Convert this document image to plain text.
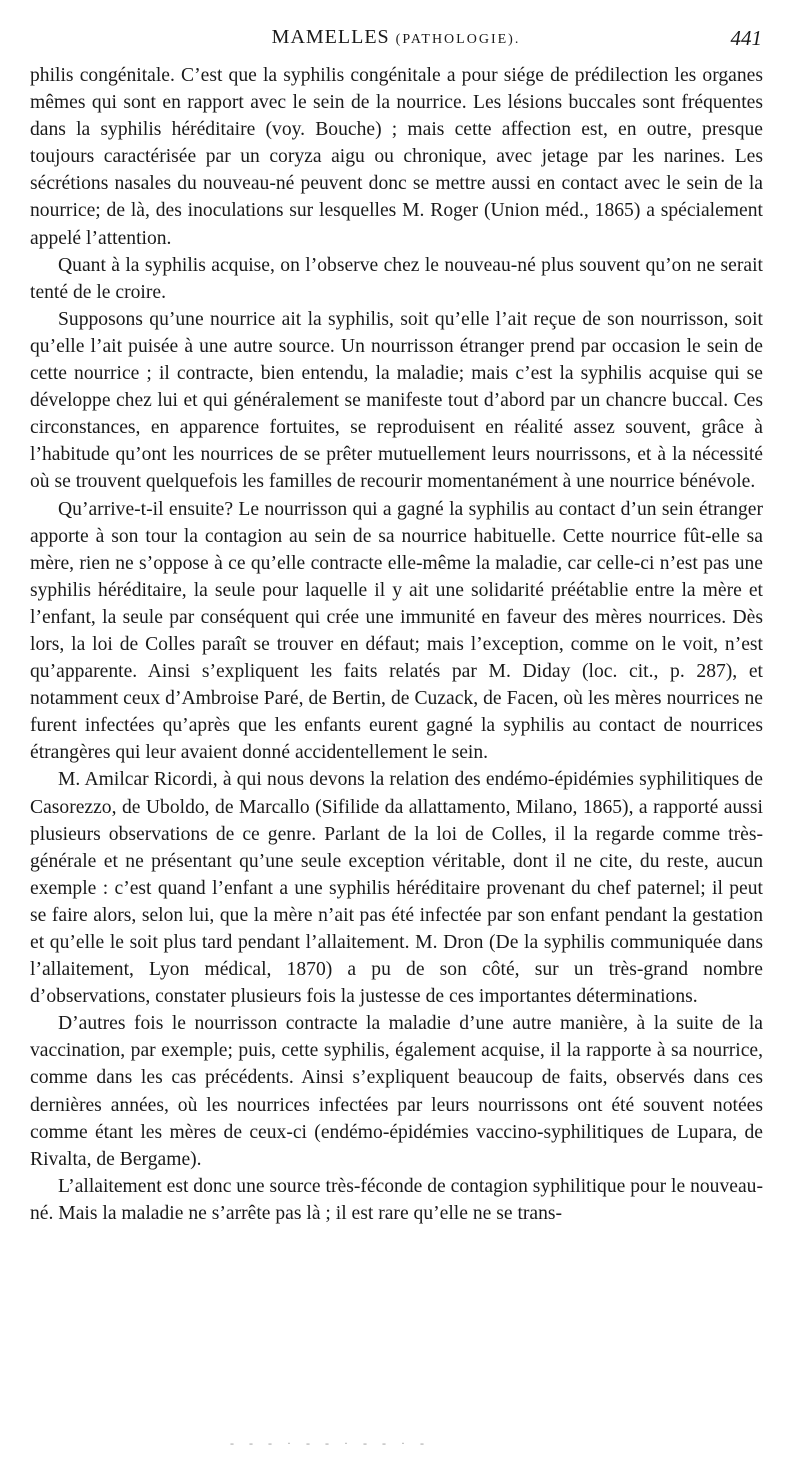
MAMELLES (PATHOLOGIE).	441

philis congénitale. C’est que la syphilis congénitale a pour siége de prédilection les organes mêmes qui sont en rapport avec le sein de la nourrice. Les lésions buccales sont fréquentes dans la syphilis héréditaire (voy. Bouche) ; mais cette affection est, en outre, presque toujours caractérisée par un coryza aigu ou chronique, avec jetage par les narines. Les sécrétions nasales du nouveau-né peuvent donc se mettre aussi en contact avec le sein de la nourrice; de là, des inoculations sur lesquelles M. Roger (Union méd., 1865) a spécialement appelé l’attention.

Quant à la syphilis acquise, on l’observe chez le nouveau-né plus souvent qu’on ne serait tenté de le croire.

Supposons qu’une nourrice ait la syphilis, soit qu’elle l’ait reçue de son nourrisson, soit qu’elle l’ait puisée à une autre source. Un nourrisson étranger prend par occasion le sein de cette nourrice ; il contracte, bien entendu, la maladie; mais c’est la syphilis acquise qui se développe chez lui et qui généralement se manifeste tout d’abord par un chancre buccal. Ces circonstances, en apparence fortuites, se reproduisent en réalité assez souvent, grâce à l’habitude qu’ont les nourrices de se prêter mutuellement leurs nourrissons, et à la nécessité où se trouvent quelquefois les familles de recourir momentanément à une nourrice bénévole.

Qu’arrive-t-il ensuite? Le nourrisson qui a gagné la syphilis au contact d’un sein étranger apporte à son tour la contagion au sein de sa nourrice habituelle. Cette nourrice fût-elle sa mère, rien ne s’oppose à ce qu’elle contracte elle-même la maladie, car celle-ci n’est pas une syphilis héréditaire, la seule pour laquelle il y ait une solidarité préétablie entre la mère et l’enfant, la seule par conséquent qui crée une immunité en faveur des mères nourrices. Dès lors, la loi de Colles paraît se trouver en défaut; mais l’exception, comme on le voit, n’est qu’apparente. Ainsi s’expliquent les faits relatés par M. Diday (loc. cit., p. 287), et notamment ceux d’Ambroise Paré, de Bertin, de Cuzack, de Facen, où les mères nourrices ne furent infectées qu’après que les enfants eurent gagné la syphilis au contact de nourrices étrangères qui leur avaient donné accidentellement le sein.

M. Amilcar Ricordi, à qui nous devons la relation des endémo-épidémies syphilitiques de Casorezzo, de Uboldo, de Marcallo (Sifilide da allattamento, Milano, 1865), a rapporté aussi plusieurs observations de ce genre. Parlant de la loi de Colles, il la regarde comme très-générale et ne présentant qu’une seule exception véritable, dont il ne cite, du reste, aucun exemple : c’est quand l’enfant a une syphilis héréditaire provenant du chef paternel; il peut se faire alors, selon lui, que la mère n’ait pas été infectée par son enfant pendant la gestation et qu’elle le soit plus tard pendant l’allaitement. M. Dron (De la syphilis communiquée dans l’allaitement, Lyon médical, 1870) a pu de son côté, sur un très-grand nombre d’observations, constater plusieurs fois la justesse de ces importantes déterminations.

D’autres fois le nourrisson contracte la maladie d’une autre manière, à la suite de la vaccination, par exemple; puis, cette syphilis, également acquise, il la rapporte à sa nourrice, comme dans les cas précédents. Ainsi s’expliquent beaucoup de faits, observés dans ces dernières années, où les nourrices infectées par leurs nourrissons ont été souvent notées comme étant les mères de ceux-ci (endémo-épidémies vaccino-syphilitiques de Lupara, de Rivalta, de Bergame).

L’allaitement est donc une source très-féconde de contagion syphilitique pour le nouveau-né. Mais la maladie ne s’arrête pas là ; il est rare qu’elle ne se trans-

- - - · - - · - - · -
